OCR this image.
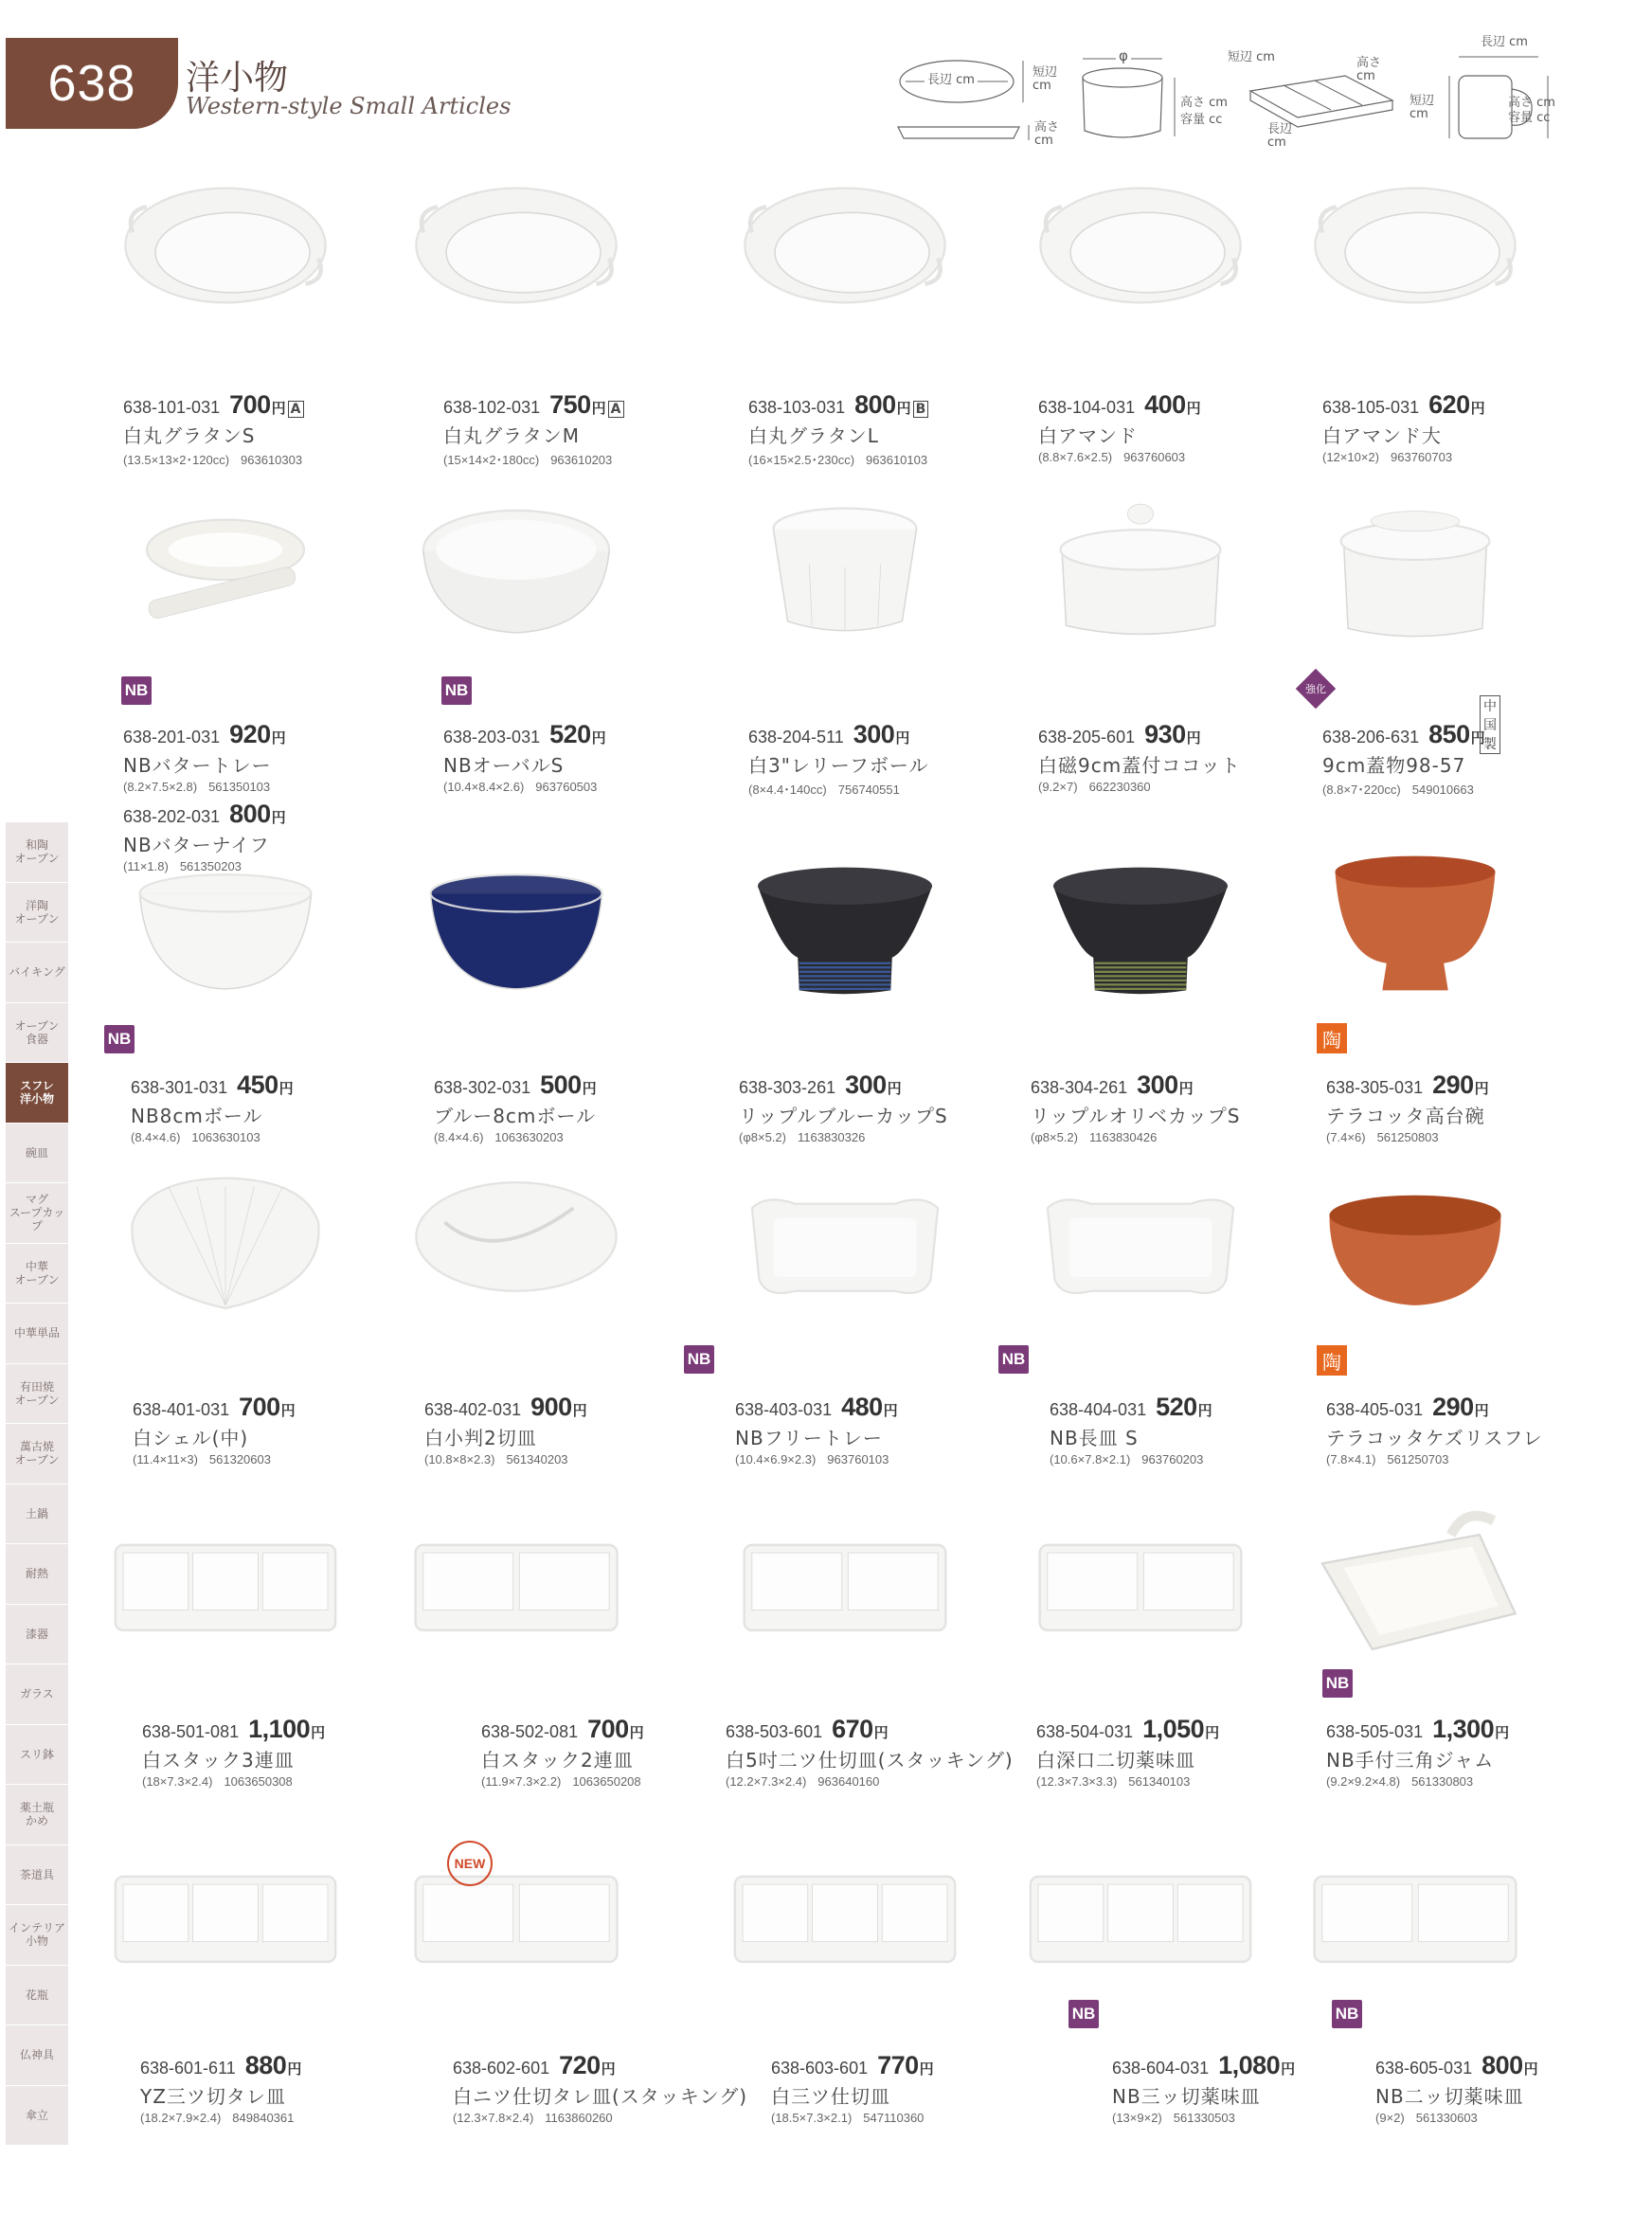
638	洋小物
Western-style Small Articles
長辺 cm
短辺
cm
高さ
cm
φ
高さ cm
容量 cc
短辺 cm	高さ
cm
長辺
cm
長辺 cm
短辺
cm
高さ cm
容量 cc
638-101-031 700円 A
白丸グラタンS
(13.5×13×2･120cc) 963610303
638-102-031 750円 A
白丸グラタンM
(15×14×2･180cc) 963610203
638-103-031 800円 B
白丸グラタンL
(16×15×2.5･230cc) 963610103
638-104-031 400円
白アマンド
(8.8×7.6×2.5) 963760603
638-105-031 620円
白アマンド大
(12×10×2) 963760703
638-201-031 920円
NBバタートレー
(8.2×7.5×2.8) 561350103
638-202-031 800円
NBバターナイフ
(11×1.8) 561350203
NB
638-203-031 520円
NBオーバルS
(10.4×8.4×2.6) 963760503
NB
638-204-511 300円
白3"レリーフボール
(8×4.4･140cc) 756740551
638-205-601 930円
白磁9cm蓋付ココット
(9.2×7) 662230360
638-206-631 850円
9cm蓋物98-57
(8.8×7･220cc) 549010663
強化
中国製
638-301-031 450円
NB8cmボール
(8.4×4.6) 1063630103
NB
638-302-031 500円
ブルー8cmボール
(8.4×4.6) 1063630203
638-303-261 300円
リップルブルーカップS
(φ8×5.2) 1163830326
638-304-261 300円
リップルオリベカップS
(φ8×5.2) 1163830426
638-305-031 290円
テラコッタ高台碗
(7.4×6) 561250803
陶
638-401-031 700円
白シェル(中)
(11.4×11×3) 561320603
638-402-031 900円
白小判2切皿
(10.8×8×2.3) 561340203
638-403-031 480円
NBフリートレー
(10.4×6.9×2.3) 963760103
NB
638-404-031 520円
NB長皿 S
(10.6×7.8×2.1) 963760203
NB
638-405-031 290円
テラコッタケズリスフレ
(7.8×4.1) 561250703
陶
638-501-081 1,100円
白スタック3連皿
(18×7.3×2.4) 1063650308
638-502-081 700円
白スタック2連皿
(11.9×7.3×2.2) 1063650208
638-503-601 670円
白5吋二ツ仕切皿(スタッキング)
(12.2×7.3×2.4) 963640160
638-504-031 1,050円
白深口二切薬味皿
(12.3×7.3×3.3) 561340103
638-505-031 1,300円
NB手付三角ジャム
(9.2×9.2×4.8) 561330803
NB
638-601-611 880円
YZ三ツ切タレ皿
(18.2×7.9×2.4) 849840361
638-602-601 720円
白ニツ仕切タレ皿(スタッキング)
(12.3×7.8×2.4) 1163860260
NEW
638-603-601 770円
白三ツ仕切皿
(18.5×7.3×2.1) 547110360
638-604-031 1,080円
NB三ッ切薬味皿
(13×9×2) 561330503
NB
638-605-031 800円
NB二ッ切薬味皿
(9×2) 561330603
NB
和陶
オーブン
洋陶
オーブン
バイキング
オーブン
食器
スフレ
洋小物
碗皿
マグ
スープカップ
中華
オーブン
中華単品
有田焼
オーブン
萬古焼
オーブン
土鍋
耐熱
漆器
ガラス
スリ鉢
薬土瓶
かめ
茶道具
インテリア
小物
花瓶
仏神具
傘立
